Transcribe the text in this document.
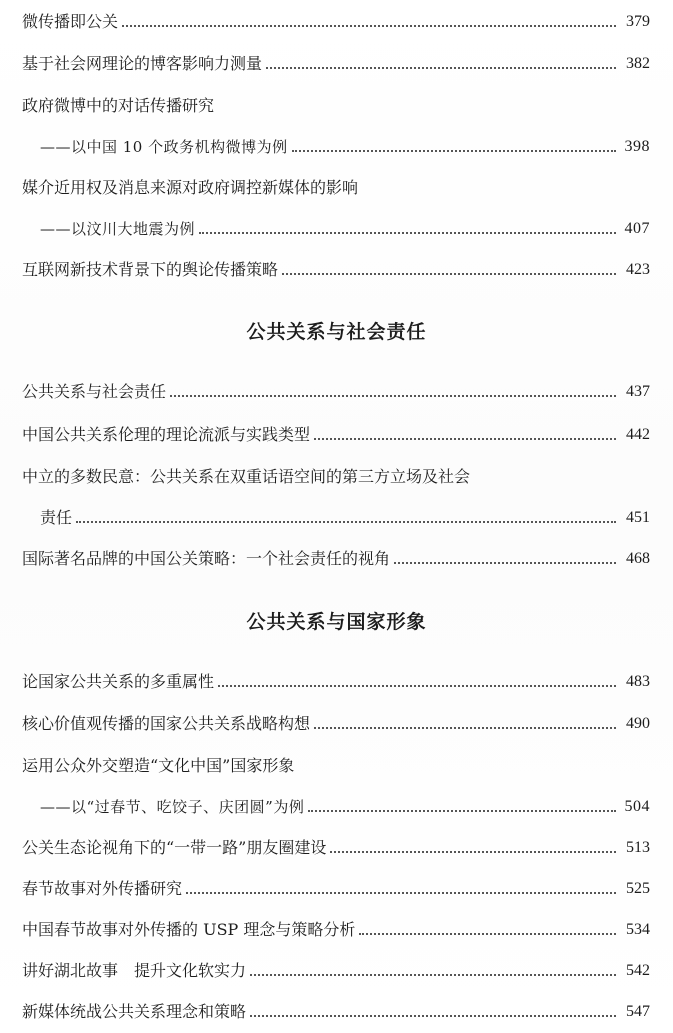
微传播即公关	379
基于社会网理论的博客影响力测量	382
政府微博中的对话传播研究
——以中国 10 个政务机构微博为例	398
媒介近用权及消息来源对政府调控新媒体的影响
——以汶川大地震为例	407
互联网新技术背景下的舆论传播策略	423
公共关系与社会责任
公共关系与社会责任	437
中国公共关系伦理的理论流派与实践类型	442
中立的多数民意：公共关系在双重话语空间的第三方立场及社会
责任	451
国际著名品牌的中国公关策略：一个社会责任的视角	468
公共关系与国家形象
论国家公共关系的多重属性	483
核心价值观传播的国家公共关系战略构想	490
运用公众外交塑造“文化中国”国家形象
——以“过春节、吃饺子、庆团圆”为例	504
公关生态论视角下的“一带一路”朋友圈建设	513
春节故事对外传播研究	525
中国春节故事对外传播的 USP 理念与策略分析	534
讲好湖北故事　提升文化软实力	542
新媒体统战公共关系理念和策略	547
